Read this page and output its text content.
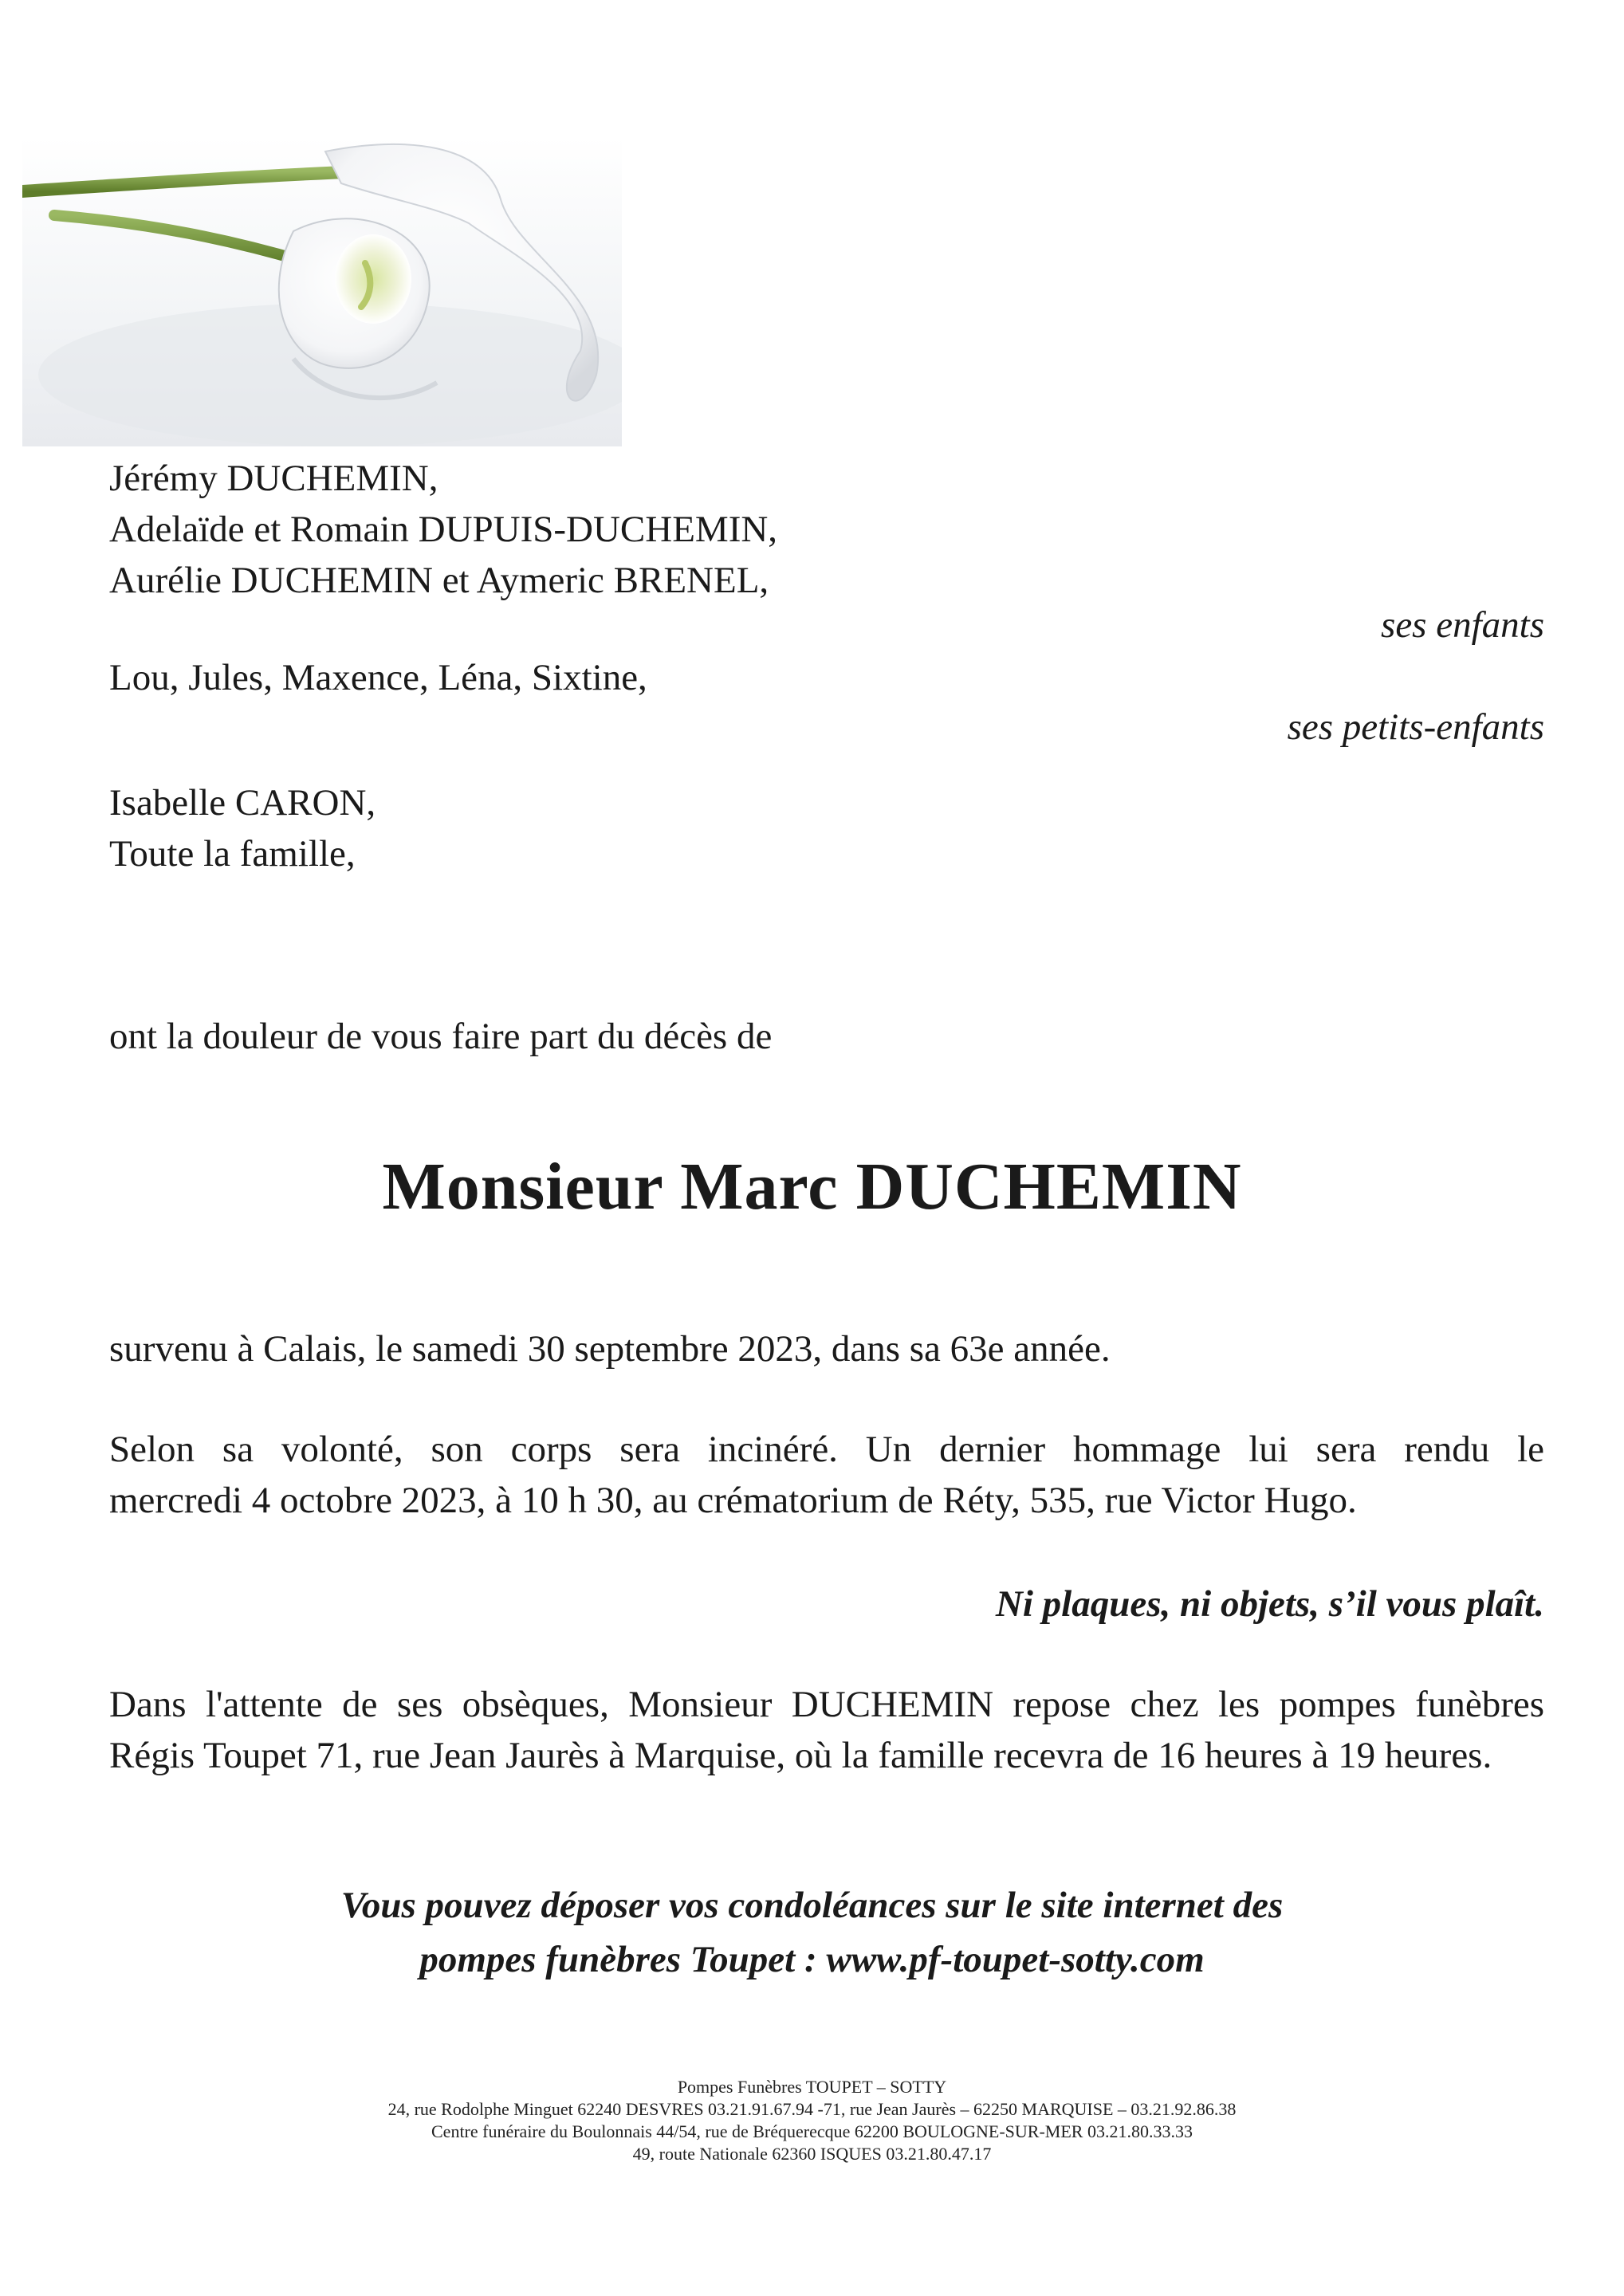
Jérémy DUCHEMIN,
Adelaïde et Romain DUPUIS-DUCHEMIN,
Aurélie DUCHEMIN et Aymeric BRENEL,
ses enfants
Lou, Jules, Maxence, Léna, Sixtine,
ses petits-enfants
Isabelle CARON,
Toute la famille,
ont la douleur de vous faire part du décès de
Monsieur Marc DUCHEMIN
survenu à Calais, le samedi 30 septembre 2023, dans sa 63e année.
Selon sa volonté, son corps sera incinéré. Un dernier hommage lui sera rendu le
mercredi 4 octobre 2023, à 10 h 30, au crématorium de Réty, 535, rue Victor Hugo.
Ni plaques, ni objets, s’il vous plaît.
Dans l'attente de ses obsèques, Monsieur DUCHEMIN repose chez les pompes funèbres
Régis Toupet 71, rue Jean Jaurès à Marquise, où la famille recevra de 16 heures à 19 heures.
Vous pouvez déposer vos condoléances sur le site internet des
pompes funèbres Toupet : www.pf-toupet-sotty.com
Pompes Funèbres TOUPET – SOTTY
24, rue Rodolphe Minguet 62240 DESVRES 03.21.91.67.94 -71, rue Jean Jaurès – 62250 MARQUISE – 03.21.92.86.38
Centre funéraire du Boulonnais 44/54, rue de Bréquerecque 62200 BOULOGNE-SUR-MER 03.21.80.33.33
49, route Nationale 62360 ISQUES 03.21.80.47.17
